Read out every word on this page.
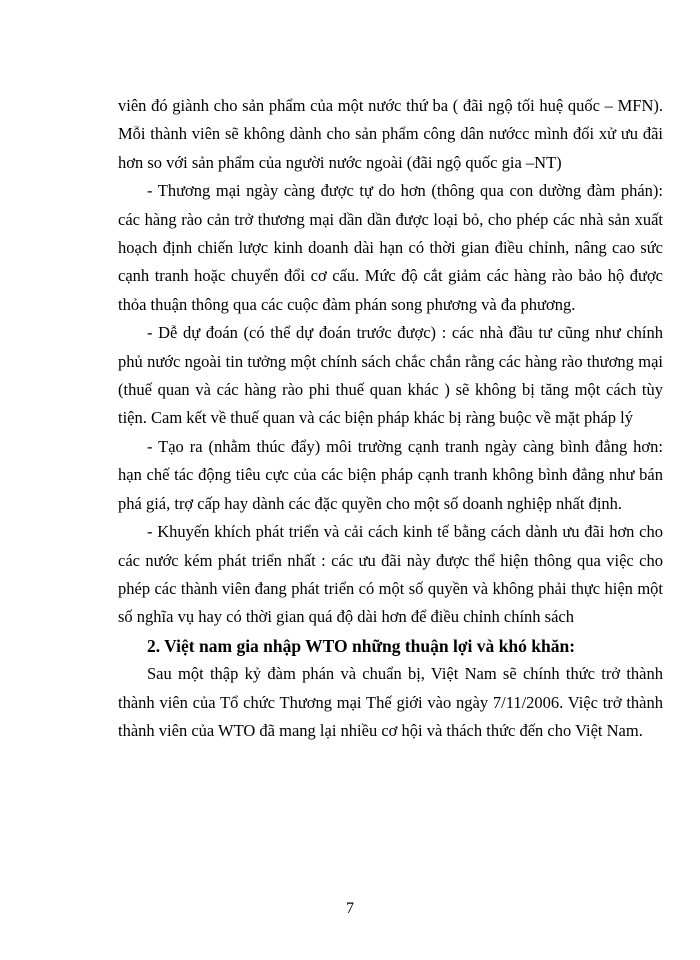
viên đó giành cho sản phẩm của một nước thứ ba ( đãi ngộ tối huệ quốc – MFN). Mỗi thành viên sẽ không dành cho sản phẩm công dân nướcc mình đối xử ưu đãi hơn so với sản phẩm của người nước ngoài (đãi ngộ quốc gia –NT)

- Thương mại ngày càng được tự do hơn (thông qua con dường đàm phán): các hàng rào cản trở thương mại dần dần được loại bỏ, cho phép các nhà sản xuất hoạch định chiến lược kinh doanh dài hạn có thời gian điều chỉnh, nâng cao sức cạnh tranh hoặc chuyển đổi cơ cấu. Mức độ cắt giảm các hàng rào bảo hộ được thỏa thuận thông qua các cuộc đàm phán song phương và đa phương.

- Dễ dự đoán (có thể dự đoán trước được) : các nhà đầu tư cũng như chính phủ nước ngoài tin tưởng một chính sách chắc chắn rằng các hàng rào thương mại (thuế quan và các hàng rào phi thuế quan khác ) sẽ không bị tăng một cách tùy tiện. Cam kết về thuế quan và các biện pháp khác bị ràng buộc về mặt pháp lý

- Tạo ra (nhằm thúc đẩy) môi trường cạnh tranh ngày càng bình đẳng hơn: hạn chế tác động tiêu cực của các biện pháp cạnh tranh không bình đẳng như bán phá giá, trợ cấp hay dành các đặc quyền cho một số doanh nghiệp nhất định.

- Khuyến khích phát triển và cải cách kinh tế bằng cách dành ưu đãi hơn cho các nước kém phát triển nhất : các ưu đãi này được thể hiện thông qua việc cho phép các thành viên đang phát triển có một số quyền và không phải thực hiện một số nghĩa vụ hay có thời gian quá độ dài hơn để điều chỉnh chính sách

2. Việt nam gia nhập WTO những thuận lợi và khó khăn:

Sau một thập kỷ đàm phán và chuẩn bị, Việt Nam sẽ chính thức trở thành thành viên của Tổ chức Thương mại Thế giới vào ngày 7/11/2006. Việc trở thành thành viên của WTO đã mang lại nhiều cơ hội và thách thức đến cho Việt Nam.

7
